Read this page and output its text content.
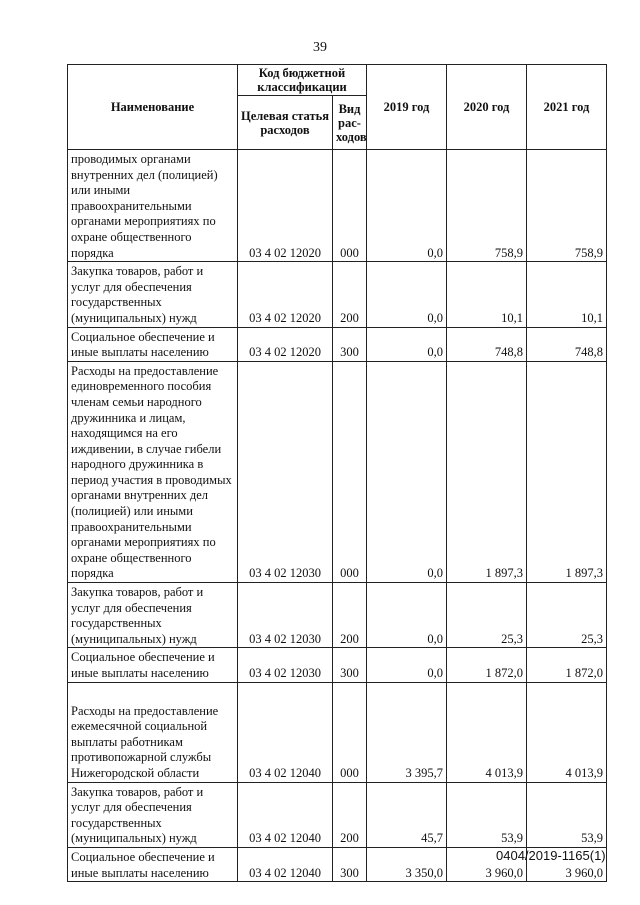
39
Наименование	Код бюджетной классификации		2019 год	2020 год	2021 год
	Целевая статья расходов	Вид рас- ходов			
проводимых органами внутренних дел (полицией) или иными правоохранительными органами мероприятиях по охране общественного порядка	03 4 02 12020	000	0,0	758,9	758,9
Закупка товаров, работ и услуг для обеспечения государственных (муниципальных) нужд	03 4 02 12020	200	0,0	10,1	10,1
Социальное обеспечение и иные выплаты населению	03 4 02 12020	300	0,0	748,8	748,8
Расходы на предоставление единовременного пособия членам семьи народного дружинника и лицам, находящимся на его иждивении, в случае гибели народного дружинника в период участия в проводимых органами внутренних дел (полицией) или иными правоохранительными органами мероприятиях по охране общественного порядка	03 4 02 12030	000	0,0	1 897,3	1 897,3
Закупка товаров, работ и услуг для обеспечения государственных (муниципальных) нужд	03 4 02 12030	200	0,0	25,3	25,3
Социальное обеспечение и иные выплаты населению	03 4 02 12030	300	0,0	1 872,0	1 872,0
Расходы на предоставление ежемесячной социальной выплаты работникам противопожарной службы Нижегородской области	03 4 02 12040	000	3 395,7	4 013,9	4 013,9
Закупка товаров, работ и услуг для обеспечения государственных (муниципальных) нужд	03 4 02 12040	200	45,7	53,9	53,9
Социальное обеспечение и иные выплаты населению	03 4 02 12040	300	3 350,0	3 960,0	3 960,0
0404/2019-1165(1)
